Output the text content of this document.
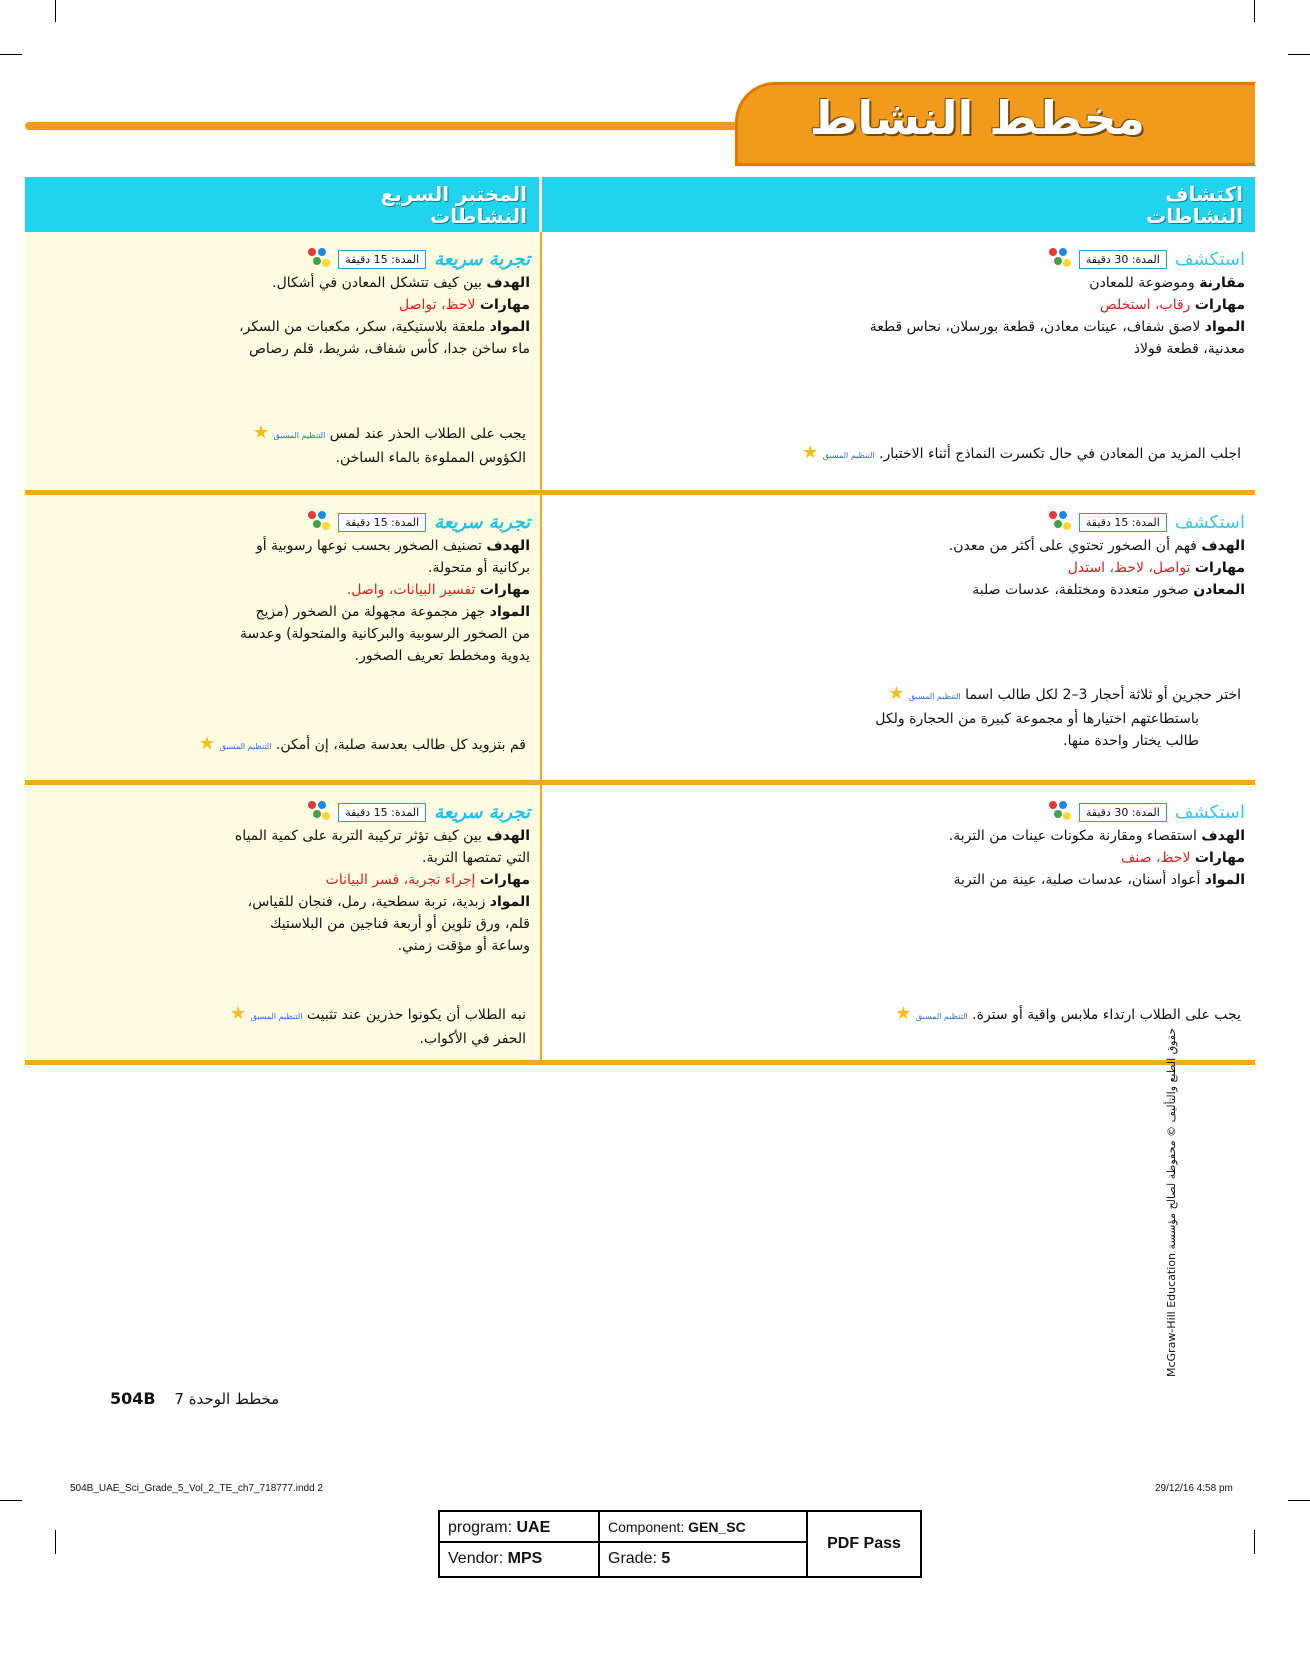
مخطط النشاط
المختبر السريع
النشاطات
اكتشاف
النشاطات
المدة: 15 دقيقة تجربة سريعة
الهدف بين كيف تتشكل المعادن في أشكال.
مهارات لاحظ، تواصل
المواد ملعقة بلاستيكية، سكر، مكعبات من السكر،
ماء ساخن جدا، كأس شفاف، شريط، قلم رصاص
يجب على الطلاب الحذر عند لمس التنظيم المسبق ★
الكؤوس المملوءة بالماء الساخن.
المدة: 30 دقيقة استكشف
مقارنة وموضوعة للمعادن
مهارات رقاب، استخلص
المواد لاصق شفاف، عينات معادن، قطعة بورسلان، نحاس قطعة
معدنية، قطعة فولاذ
اجلب المزيد من المعادن في حال تكسرت النماذج أثناء الاختبار. التنظيم المسبق ★
المدة: 15 دقيقة تجربة سريعة
الهدف تصنيف الصخور بحسب نوعها رسوبية أو
بركانية أو متحولة.
مهارات تفسير البيانات، واصل.
المواد جهز مجموعة مجهولة من الصخور (مزيج
من الصخور الرسوبية والبركانية والمتحولة) وعدسة
يدوية ومخطط تعريف الصخور.
قم بتزويد كل طالب بعدسة صلبة، إن أمكن. التنظيم المسبق ★
المدة: 15 دقيقة استكشف
الهدف فهم أن الصخور تحتوي على أكثر من معدن.
مهارات تواصل، لاحظ، استدل
المعادن صخور متعددة ومختلفة، عدسات صلبة
اختر حجرين أو ثلاثة أحجار 3–2 لكل طالب اسما التنظيم المسبق ★
باستطاعتهم اختيارها أو مجموعة كبيرة من الحجارة ولكل
طالب يختار واحدة منها.
المدة: 15 دقيقة تجربة سريعة
الهدف بين كيف تؤثر تركيبة التربة على كمية المياه
التي تمتصها التربة.
مهارات إجراء تجربة، فسر البيانات
المواد زبدية، تربة سطحية، رمل، فنجان للقياس،
قلم، ورق تلوين أو أربعة فناجين من البلاستيك
وساعة أو مؤقت زمني.
نبه الطلاب أن يكونوا حذرين عند تثبيت التنظيم المسبق ★
الحفر في الأكواب.
المدة: 30 دقيقة استكشف
الهدف استقصاء ومقارنة مكونات عينات من التربة.
مهارات لاحظ، صنف
المواد أعواد أسنان، عدسات صلبة، عينة من التربة
يجب على الطلاب ارتداء ملابس واقية أو سترة. التنظيم المسبق ★
504B مخطط الوحدة 7
McGraw-Hill Education حقوق الطبع والتأليف © محفوظة لصالح مؤسسة
504B_UAE_Sci_Grade_5_Vol_2_TE_ch7_718777.indd 2	29/12/16 4:58 pm
program: UAE
Vendor: MPS
Component: GEN_SC
Grade: 5
PDF Pass
